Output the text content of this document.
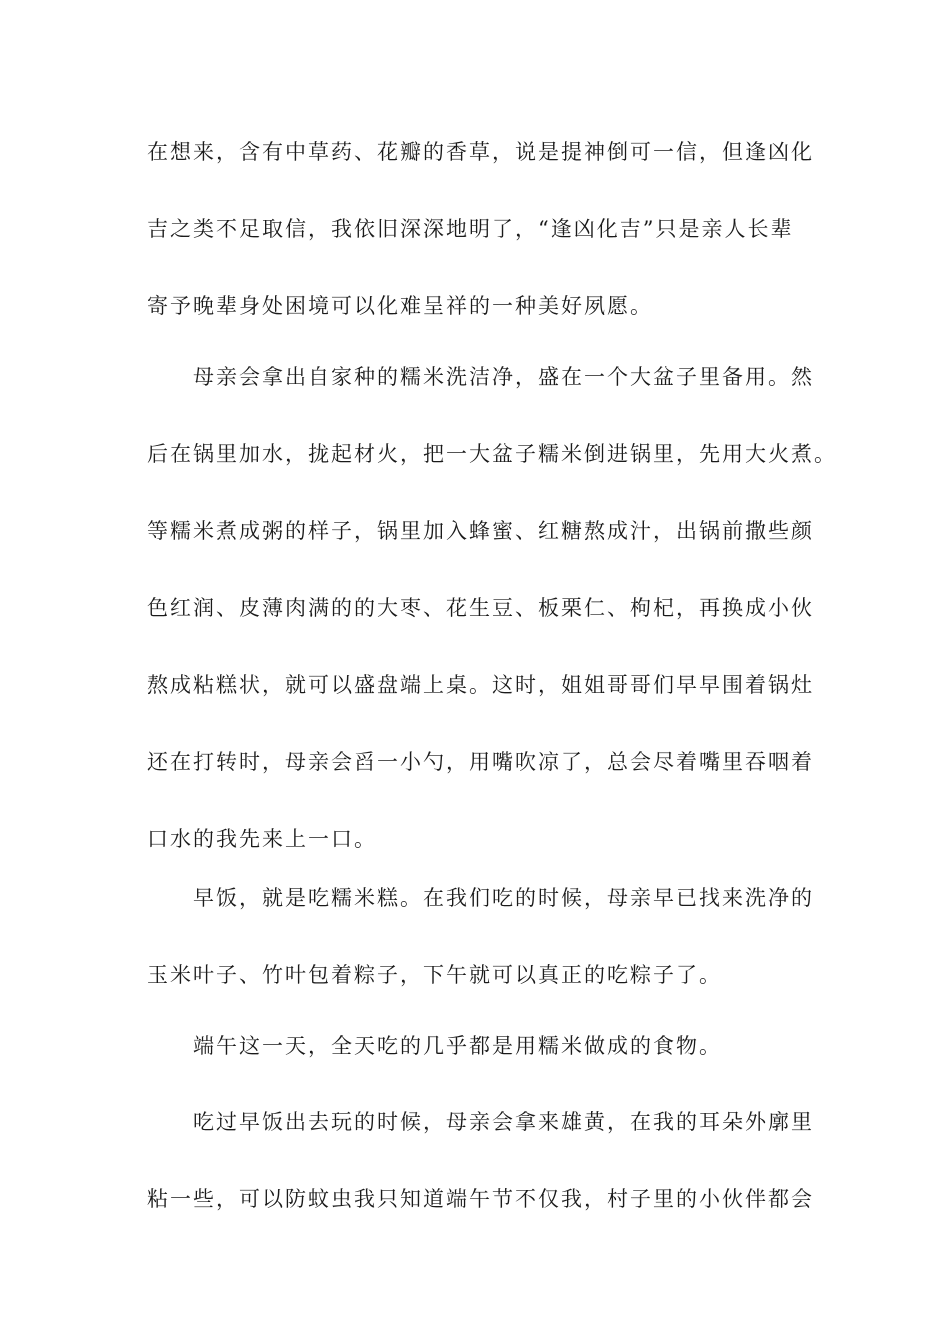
在想来，含有中草药、花瓣的香草，说是提神倒可一信，但逢凶化
吉之类不足取信，我依旧深深地明了，“逢凶化吉”只是亲人长辈
寄予晚辈身处困境可以化难呈祥的一种美好夙愿。

　　母亲会拿出自家种的糯米洗洁净，盛在一个大盆子里备用。然
后在锅里加水，拢起材火，把一大盆子糯米倒进锅里，先用大火煮。
等糯米煮成粥的样子，锅里加入蜂蜜、红糖熬成汁，出锅前撒些颜
色红润、皮薄肉满的的大枣、花生豆、板栗仁、枸杞，再换成小伙
熬成粘糕状，就可以盛盘端上桌。这时，姐姐哥哥们早早围着锅灶
还在打转时，母亲会舀一小勺，用嘴吹凉了，总会尽着嘴里吞咽着
口水的我先来上一口。

　　早饭，就是吃糯米糕。在我们吃的时候，母亲早已找来洗净的
玉米叶子、竹叶包着粽子，下午就可以真正的吃粽子了。

　　端午这一天，全天吃的几乎都是用糯米做成的食物。

　　吃过早饭出去玩的时候，母亲会拿来雄黄，在我的耳朵外廓里
粘一些，可以防蚊虫我只知道端午节不仅我，村子里的小伙伴都会
